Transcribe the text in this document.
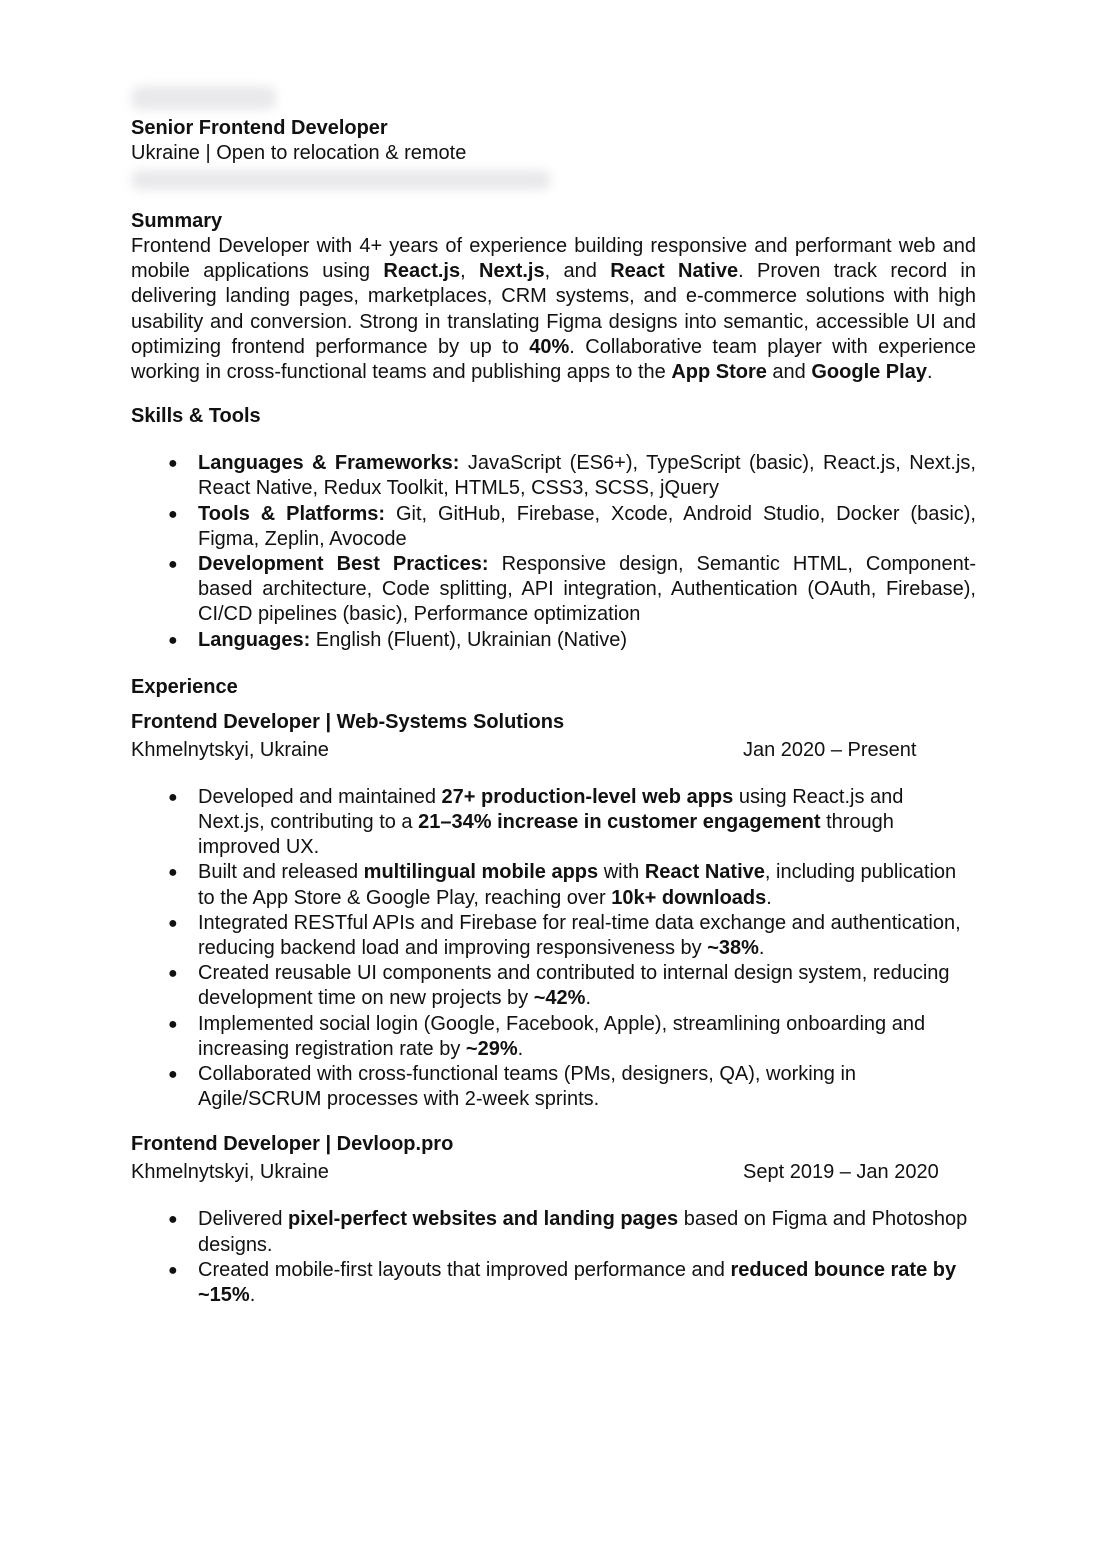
Senior Frontend Developer
Ukraine | Open to relocation & remote
Summary

Frontend Developer with 4+ years of experience building responsive and performant web and mobile applications using React.js, Next.js, and React Native. Proven track record in delivering landing pages, marketplaces, CRM systems, and e-commerce solutions with high usability and conversion. Strong in translating Figma designs into semantic, accessible UI and optimizing frontend performance by up to 40%. Collaborative team player with experience working in cross-functional teams and publishing apps to the App Store and Google Play.

Skills & Tools
● Languages & Frameworks: JavaScript (ES6+), TypeScript (basic), React.js, Next.js, React Native, Redux Toolkit, HTML5, CSS3, SCSS, jQuery
● Tools & Platforms: Git, GitHub, Firebase, Xcode, Android Studio, Docker (basic), Figma, Zeplin, Avocode
● Development Best Practices: Responsive design, Semantic HTML, Component-based architecture, Code splitting, API integration, Authentication (OAuth, Firebase), CI/CD pipelines (basic), Performance optimization
● Languages: English (Fluent), Ukrainian (Native)
Experience
Frontend Developer | Web-Systems Solutions
Khmelnytskyi, Ukraine	Jan 2020 – Present
● Developed and maintained 27+ production-level web apps using React.js and Next.js, contributing to a 21–34% increase in customer engagement through improved UX.
● Built and released multilingual mobile apps with React Native, including publication to the App Store & Google Play, reaching over 10k+ downloads.
● Integrated RESTful APIs and Firebase for real-time data exchange and authentication, reducing backend load and improving responsiveness by ~38%.
● Created reusable UI components and contributed to internal design system, reducing development time on new projects by ~42%.
● Implemented social login (Google, Facebook, Apple), streamlining onboarding and increasing registration rate by ~29%.
● Collaborated with cross-functional teams (PMs, designers, QA), working in Agile/SCRUM processes with 2-week sprints.
Frontend Developer | Devloop.pro
Khmelnytskyi, Ukraine	Sept 2019 – Jan 2020
● Delivered pixel-perfect websites and landing pages based on Figma and Photoshop designs.
● Created mobile-first layouts that improved performance and reduced bounce rate by ~15%.
